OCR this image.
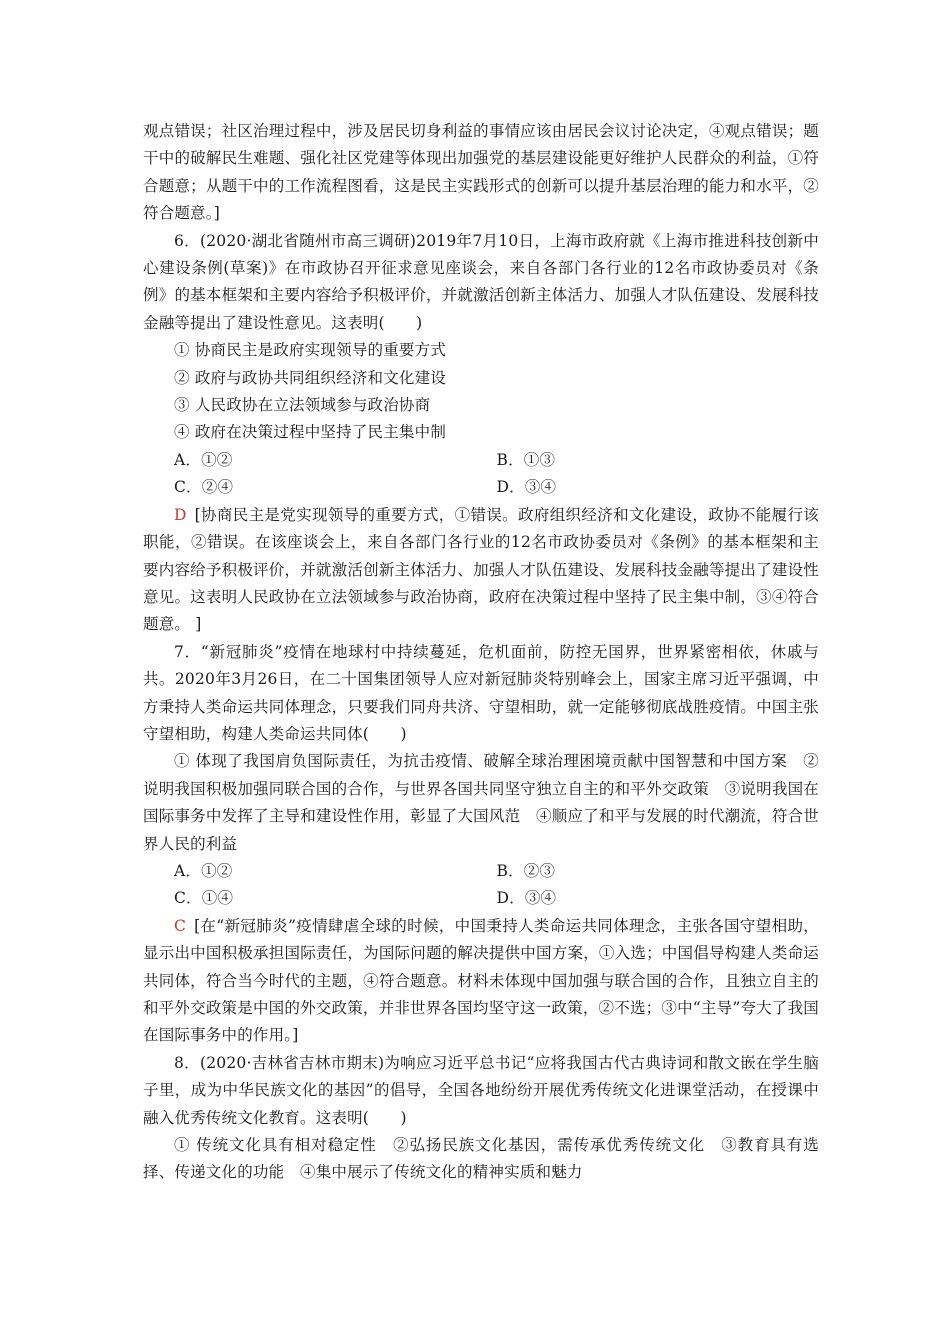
观点错误；社区治理过程中，涉及居民切身利益的事情应该由居民会议讨论决定，④观点错误；题干中的破解民生难题、强化社区党建等体现出加强党的基层建设能更好维护人民群众的利益，①符合题意；从题干中的工作流程图看，这是民主实践形式的创新可以提升基层治理的能力和水平，②符合题意。]

6．(2020·湖北省随州市高三调研)2019年7月10日，上海市政府就《上海市推进科技创新中心建设条例(草案)》在市政协召开征求意见座谈会，来自各部门各行业的12名市政协委员对《条例》的基本框架和主要内容给予积极评价，并就激活创新主体活力、加强人才队伍建设、发展科技金融等提出了建设性意见。这表明(　　)

① 协商民主是政府实现领导的重要方式
② 政府与政协共同组织经济和文化建设
③ 人民政协在立法领域参与政治协商
④ 政府在决策过程中坚持了民主集中制
A．①②	B．①③
C．②④	D．③④

D [协商民主是党实现领导的重要方式，①错误。政府组织经济和文化建设，政协不能履行该职能，②错误。在该座谈会上，来自各部门各行业的12名市政协委员对《条例》的基本框架和主要内容给予积极评价，并就激活创新主体活力、加强人才队伍建设、发展科技金融等提出了建设性意见。这表明人民政协在立法领域参与政治协商，政府在决策过程中坚持了民主集中制，③④符合题意。 ]

7．“新冠肺炎”疫情在地球村中持续蔓延，危机面前，防控无国界，世界紧密相依，休戚与共。2020年3月26日，在二十国集团领导人应对新冠肺炎特别峰会上，国家主席习近平强调，中方秉持人类命运共同体理念，只要我们同舟共济、守望相助，就一定能够彻底战胜疫情。中国主张守望相助，构建人类命运共同体(　　)

① 体现了我国肩负国际责任，为抗击疫情、破解全球治理困境贡献中国智慧和中国方案　②说明我国积极加强同联合国的合作，与世界各国共同坚守独立自主的和平外交政策　③说明我国在国际事务中发挥了主导和建设性作用，彰显了大国风范　④顺应了和平与发展的时代潮流，符合世界人民的利益

A．①②	B．②③
C．①④	D．③④

C [在“新冠肺炎”疫情肆虐全球的时候，中国秉持人类命运共同体理念，主张各国守望相助，显示出中国积极承担国际责任，为国际问题的解决提供中国方案，①入选；中国倡导构建人类命运共同体，符合当今时代的主题，④符合题意。材料未体现中国加强与联合国的合作，且独立自主的和平外交政策是中国的外交政策，并非世界各国均坚守这一政策，②不选；③中“主导”夸大了我国在国际事务中的作用。]

8．(2020·吉林省吉林市期末)为响应习近平总书记“应将我国古代古典诗词和散文嵌在学生脑子里，成为中华民族文化的基因”的倡导，全国各地纷纷开展优秀传统文化进课堂活动，在授课中融入优秀传统文化教育。这表明(　　)

① 传统文化具有相对稳定性　②弘扬民族文化基因，需传承优秀传统文化　③教育具有选择、传递文化的功能　④集中展示了传统文化的精神实质和魅力
